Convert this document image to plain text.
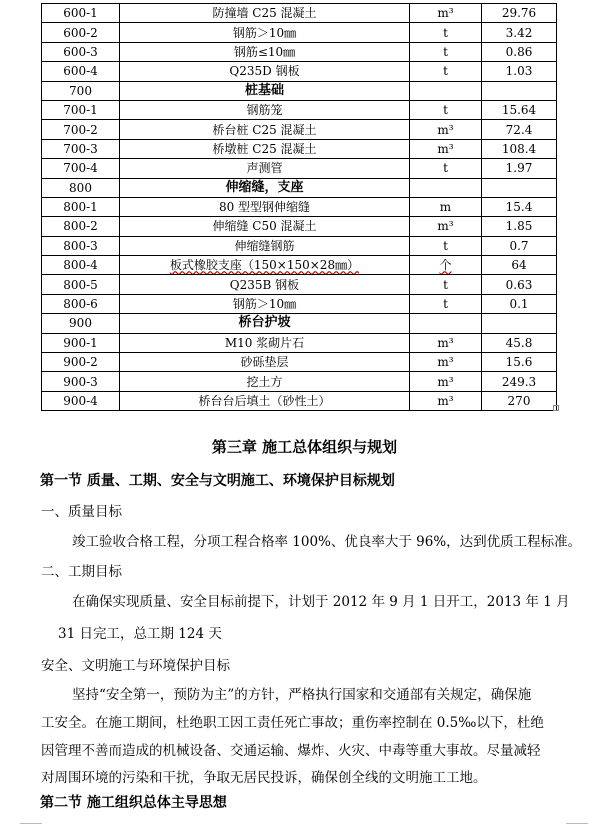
600-1	防撞墙 C25 混凝土	m³	29.76
600-2	钢筋＞10㎜	t	3.42
600-3	钢筋≤10㎜	t	0.86
600-4	Q235D 钢板	t	1.03
700	桩基础		
700-1	钢筋笼	t	15.64
700-2	桥台桩 C25 混凝土	m³	72.4
700-3	桥墩桩 C25 混凝土	m³	108.4
700-4	声测管	t	1.97
800	伸缩缝，支座		
800-1	80 型型钢伸缩缝	m	15.4
800-2	伸缩缝 C50 混凝土	m³	1.85
800-3	伸缩缝钢筋	t	0.7
800-4	板式橡胶支座（150×150×28㎜）	个	64
800-5	Q235B 钢板	t	0.63
800-6	钢筋＞10㎜	t	0.1
900	桥台护坡		
900-1	M10 浆砌片石	m³	45.8
900-2	砂砾垫层	m³	15.6
900-3	挖土方	m³	249.3
900-4	桥台台后填土（砂性土）	m³	270
第三章 施工总体组织与规划
第一节 质量、工期、安全与文明施工、环境保护目标规划
一、质量目标
竣工验收合格工程，分项工程合格率 100%、优良率大于 96%，达到优质工程标准。
二、工期目标
在确保实现质量、安全目标前提下，计划于 2012 年 9 月 1 日开工，2013 年 1 月
31 日完工，总工期 124 天
安全、文明施工与环境保护目标
坚持“安全第一，预防为主”的方针，严格执行国家和交通部有关规定，确保施
工安全。在施工期间，杜绝职工因工责任死亡事故；重伤率控制在 0.5‰以下，杜绝
因管理不善而造成的机械设备、交通运输、爆炸、火灾、中毒等重大事故。尽量减轻
对周围环境的污染和干扰，争取无居民投诉，确保创全线的文明施工工地。
第二节 施工组织总体主导思想
